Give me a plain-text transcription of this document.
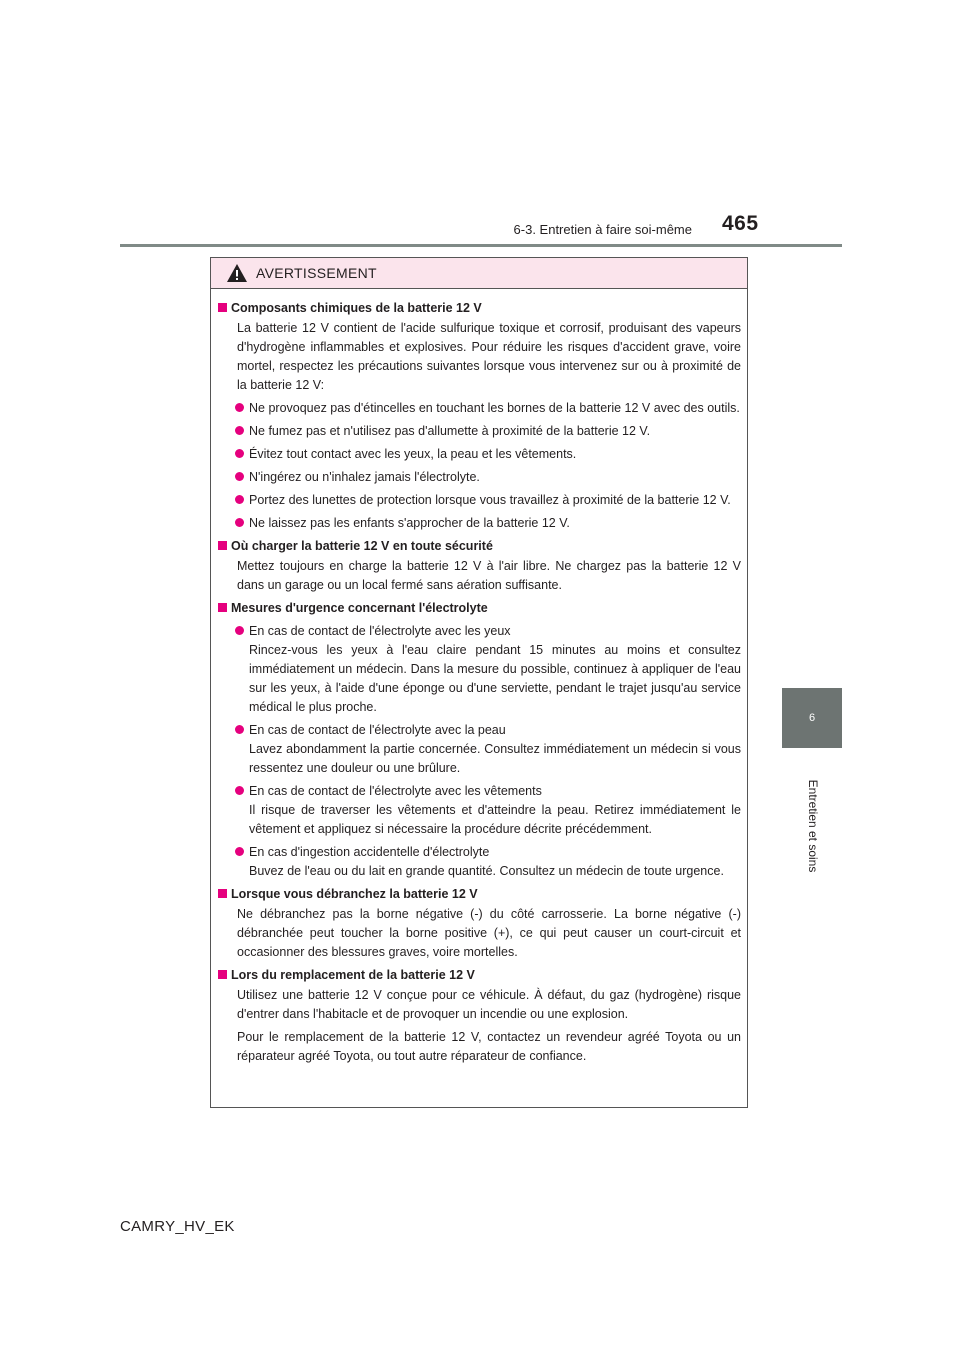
6-3. Entretien à faire soi-même 465
6
Entretien et soins
AVERTISSEMENT
Composants chimiques de la batterie 12 V
La batterie 12 V contient de l'acide sulfurique toxique et corrosif, produisant des vapeurs d'hydrogène inflammables et explosives. Pour réduire les risques d'accident grave, voire mortel, respectez les précautions suivantes lorsque vous intervenez sur ou à proximité de la batterie 12 V:
Ne provoquez pas d'étincelles en touchant les bornes de la batterie 12 V avec des outils.
Ne fumez pas et n'utilisez pas d'allumette à proximité de la batterie 12 V.
Évitez tout contact avec les yeux, la peau et les vêtements.
N'ingérez ou n'inhalez jamais l'électrolyte.
Portez des lunettes de protection lorsque vous travaillez à proximité de la batterie 12 V.
Ne laissez pas les enfants s'approcher de la batterie 12 V.
Où charger la batterie 12 V en toute sécurité
Mettez toujours en charge la batterie 12 V à l'air libre. Ne chargez pas la batterie 12 V dans un garage ou un local fermé sans aération suffisante.
Mesures d'urgence concernant l'électrolyte
En cas de contact de l'électrolyte avec les yeux
Rincez-vous les yeux à l'eau claire pendant 15 minutes au moins et consultez immédiatement un médecin. Dans la mesure du possible, continuez à appliquer de l'eau sur les yeux, à l'aide d'une éponge ou d'une serviette, pendant le trajet jusqu'au service médical le plus proche.
En cas de contact de l'électrolyte avec la peau
Lavez abondamment la partie concernée. Consultez immédiatement un médecin si vous ressentez une douleur ou une brûlure.
En cas de contact de l'électrolyte avec les vêtements
Il risque de traverser les vêtements et d'atteindre la peau. Retirez immédiatement le vêtement et appliquez si nécessaire la procédure décrite précédemment.
En cas d'ingestion accidentelle d'électrolyte
Buvez de l'eau ou du lait en grande quantité. Consultez un médecin de toute urgence.
Lorsque vous débranchez la batterie 12 V
Ne débranchez pas la borne négative (-) du côté carrosserie. La borne négative (-) débranchée peut toucher la borne positive (+), ce qui peut causer un court-circuit et occasionner des blessures graves, voire mortelles.
Lors du remplacement de la batterie 12 V
Utilisez une batterie 12 V conçue pour ce véhicule. À défaut, du gaz (hydrogène) risque d'entrer dans l'habitacle et de provoquer un incendie ou une explosion.
Pour le remplacement de la batterie 12 V, contactez un revendeur agréé Toyota ou un réparateur agréé Toyota, ou tout autre réparateur de confiance.
CAMRY_HV_EK
